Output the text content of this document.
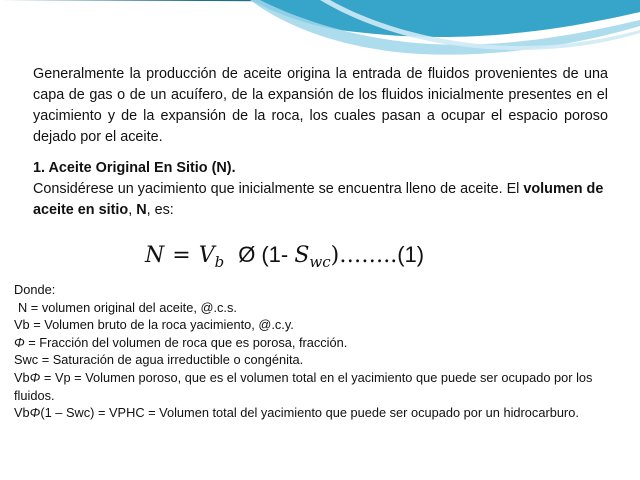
Generalmente la producción de aceite origina la entrada de fluidos provenientes de una capa de gas o de un acuífero, de la expansión de los fluidos inicialmente presentes en el yacimiento y de la expansión de la roca, los cuales pasan a ocupar el espacio poroso dejado por el aceite.

1. Aceite Original En Sitio (N).

Considérese un yacimiento que inicialmente se encuentra lleno de aceite. El volumen de aceite en sitio, N, es:

$N = V_b$ Ø (1- $S_{wc})\dots\dots..(1)$

Donde:

N = volumen original del aceite, @.c.s.

Vb = Volumen bruto de la roca yacimiento, @.c.y.

Φ = Fracción del volumen de roca que es porosa, fracción.

Swc = Saturación de agua irreductible o congénita.

VbΦ = Vp = Volumen poroso, que es el volumen total en el yacimiento que puede ser ocupado por los fluidos.

VbΦ(1 – Swc) = VPHC = Volumen total del yacimiento que puede ser ocupado por un hidrocarburo.
